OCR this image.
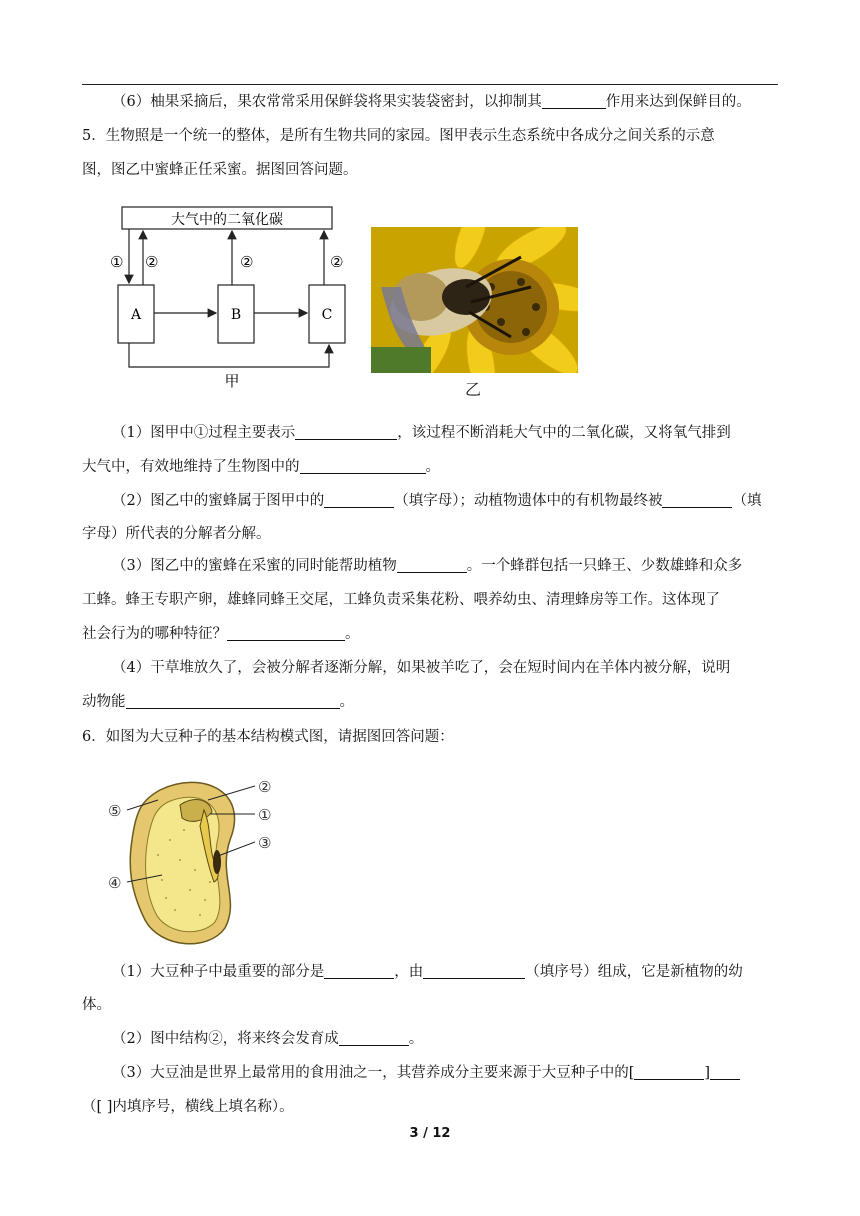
（6）柚果采摘后，果农常常采用保鲜袋将果实装袋密封，以抑制其	作用来达到保鲜目的。
5．生物照是一个统一的整体，是所有生物共同的家园。图甲表示生态系统中各成分之间关系的示意
图，图乙中蜜蜂正任采蜜。据图回答问题。
大气中的二氧化碳
A	B	C
① ②	②	②
甲	乙
（1）图甲中①过程主要表示	，该过程不断消耗大气中的二氧化碳，又将氧气排到
大气中，有效地维持了生物图中的	。
（2）图乙中的蜜蜂属于图甲中的	（填字母）；动植物遗体中的有机物最终被	（填
字母）所代表的分解者分解。
（3）图乙中的蜜蜂在采蜜的同时能帮助植物	。一个蜂群包括一只蜂王、少数雄蜂和众多
工蜂。蜂王专职产卵，雄蜂同蜂王交尾，工蜂负责采集花粉、喂养幼虫、清理蜂房等工作。这体现了
社会行为的哪种特征？	。
（4）干草堆放久了，会被分解者逐渐分解，如果被羊吃了，会在短时间内在羊体内被分解，说明
动物能	。
6．如图为大豆种子的基本结构模式图，请据图回答问题：
②
①
③
⑤
④
（1）大豆种子中最重要的部分是	，由	（填序号）组成，它是新植物的幼
体。
（2）图中结构②，将来终会发育成	。
（3）大豆油是世界上最常用的食用油之一，其营养成分主要来源于大豆种子中的[	]
（[ ]内填序号，横线上填名称）。
3 / 12
